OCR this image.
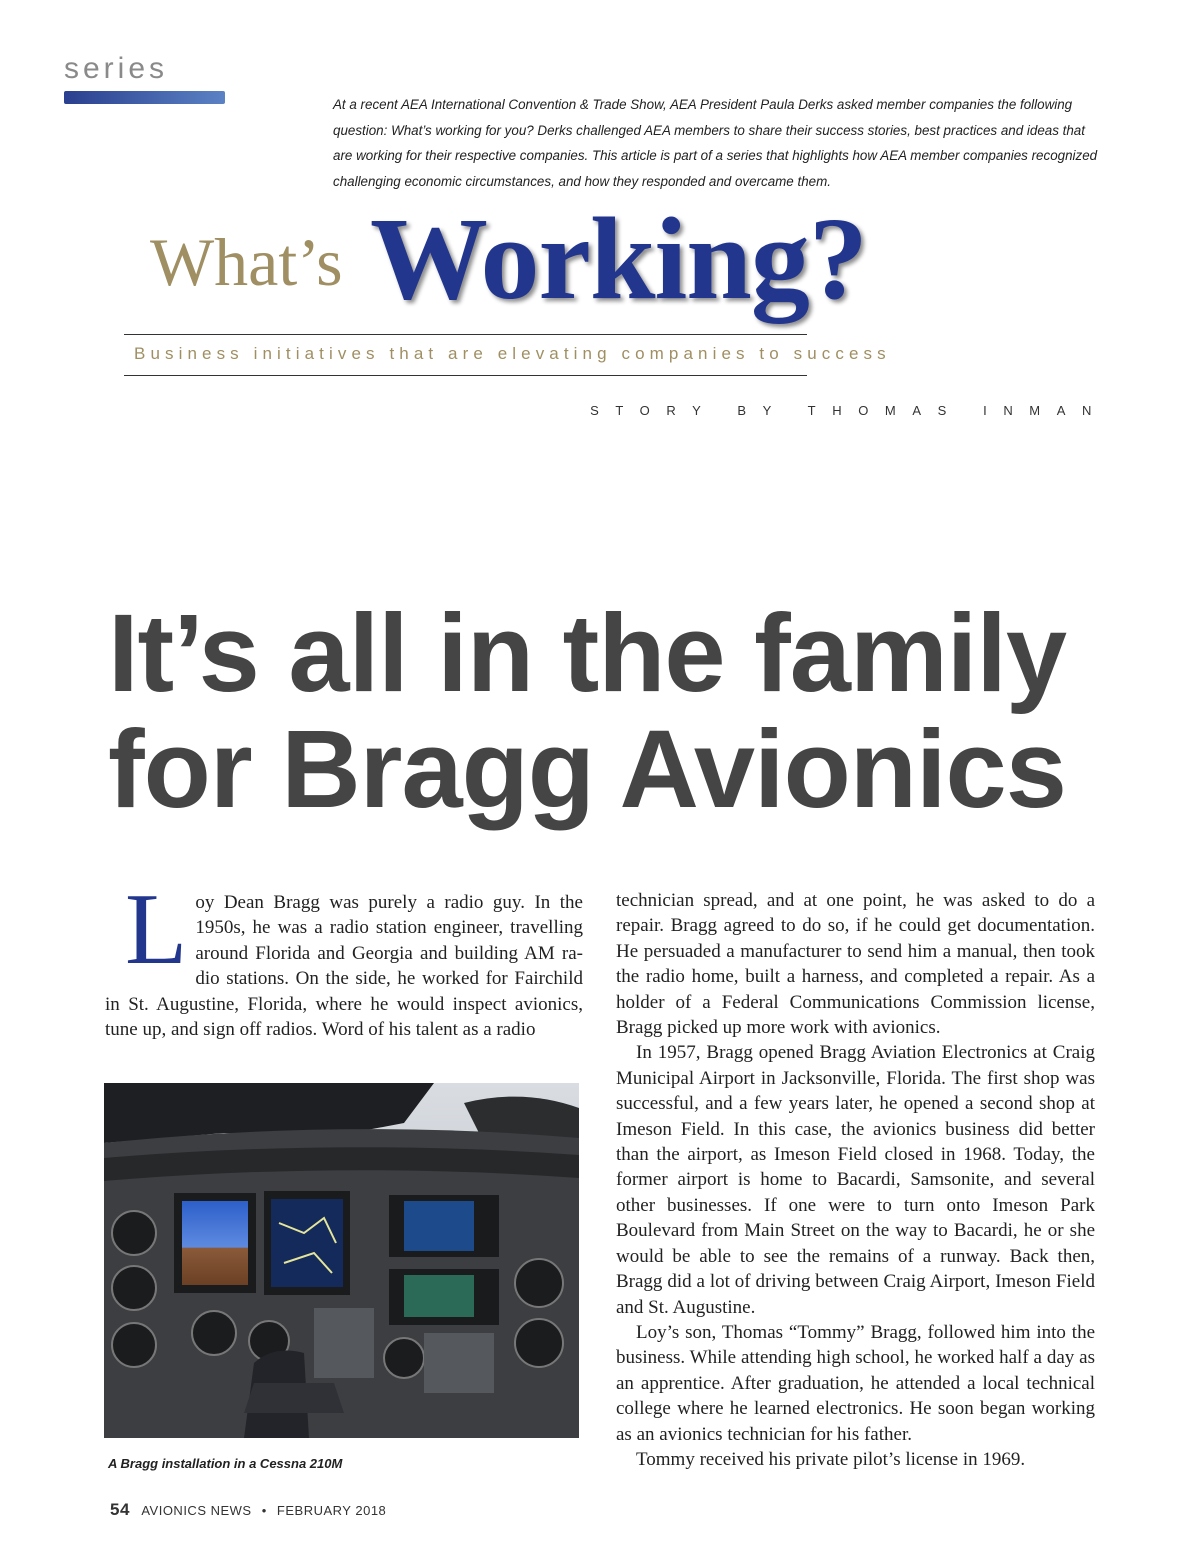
series
At a recent AEA International Convention & Trade Show, AEA President Paula Derks asked member companies the following question: What’s working for you? Derks challenged AEA members to share their success stories, best practices and ideas that are working for their respective companies. This article is part of a series that highlights how AEA member companies recognized challenging economic circumstances, and how they responded and overcame them.
What’s Working?
Business initiatives that are elevating companies to success
STORY BY THOMAS INMAN
It’s all in the family
for Bragg Avionics

Loy Dean Bragg was purely a radio guy. In the 1950s, he was a radio station engineer, travelling around Florida and Georgia and building AM radio stations. On the side, he worked for Fairchild in St. Augustine, Florida, where he would inspect avionics, tune up, and sign off radios. Word of his talent as a radio

A Bragg installation in a Cessna 210M

technician spread, and at one point, he was asked to do a repair. Bragg agreed to do so, if he could get documentation. He persuaded a manufacturer to send him a manual, then took the radio home, built a harness, and completed a repair. As a holder of a Federal Communications Commission license, Bragg picked up more work with avionics.

In 1957, Bragg opened Bragg Aviation Electronics at Craig Municipal Airport in Jacksonville, Florida. The first shop was successful, and a few years later, he opened a second shop at Imeson Field. In this case, the avionics business did better than the airport, as Imeson Field closed in 1968. Today, the former airport is home to Bacardi, Samsonite, and several other businesses. If one were to turn onto Imeson Park Boulevard from Main Street on the way to Bacardi, he or she would be able to see the remains of a runway. Back then, Bragg did a lot of driving between Craig Airport, Imeson Field and St. Augustine.

Loy’s son, Thomas “Tommy” Bragg, followed him into the business. While attending high school, he worked half a day as an apprentice. After graduation, he attended a local technical college where he learned electronics. He soon began working as an avionics technician for his father.

Tommy received his private pilot’s license in 1969.

54 AVIONICS NEWS • FEBRUARY 2018
